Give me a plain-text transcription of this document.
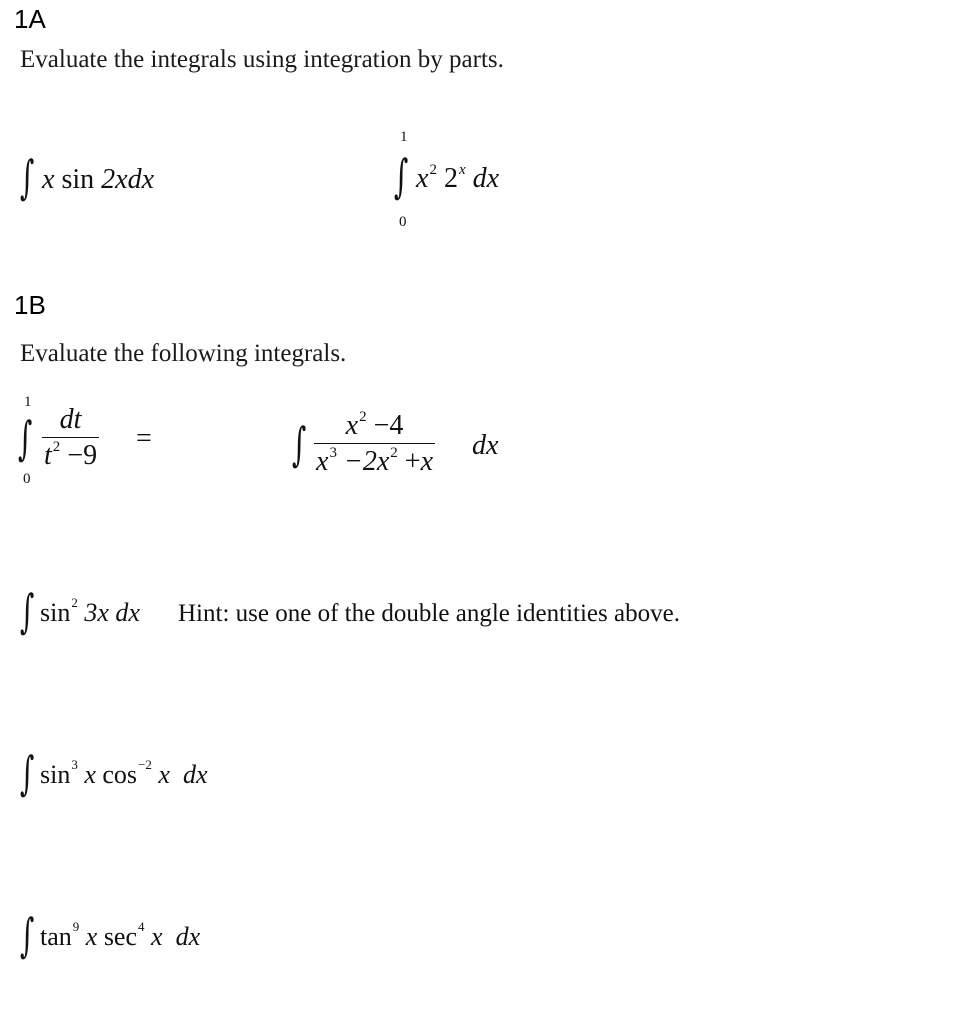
1A
Evaluate the integrals using integration by parts.
∫ x sin 2xdx
1
∫
0
$x^2$ 2$^x$ dx
1B
Evaluate the following integrals.
1
∫
0
$\frac{dt}{t^2 -9}$ =	∫ $\frac{x^2 -4}{x^3 -2x^2 +x}$ dx
∫ $\sin^2 3x$ dx Hint: use one of the double angle identities above.
∫ $\sin^3 x$ $\cos^{-2} x$ dx
∫ $\tan^9 x$ $\sec^4 x$ dx
